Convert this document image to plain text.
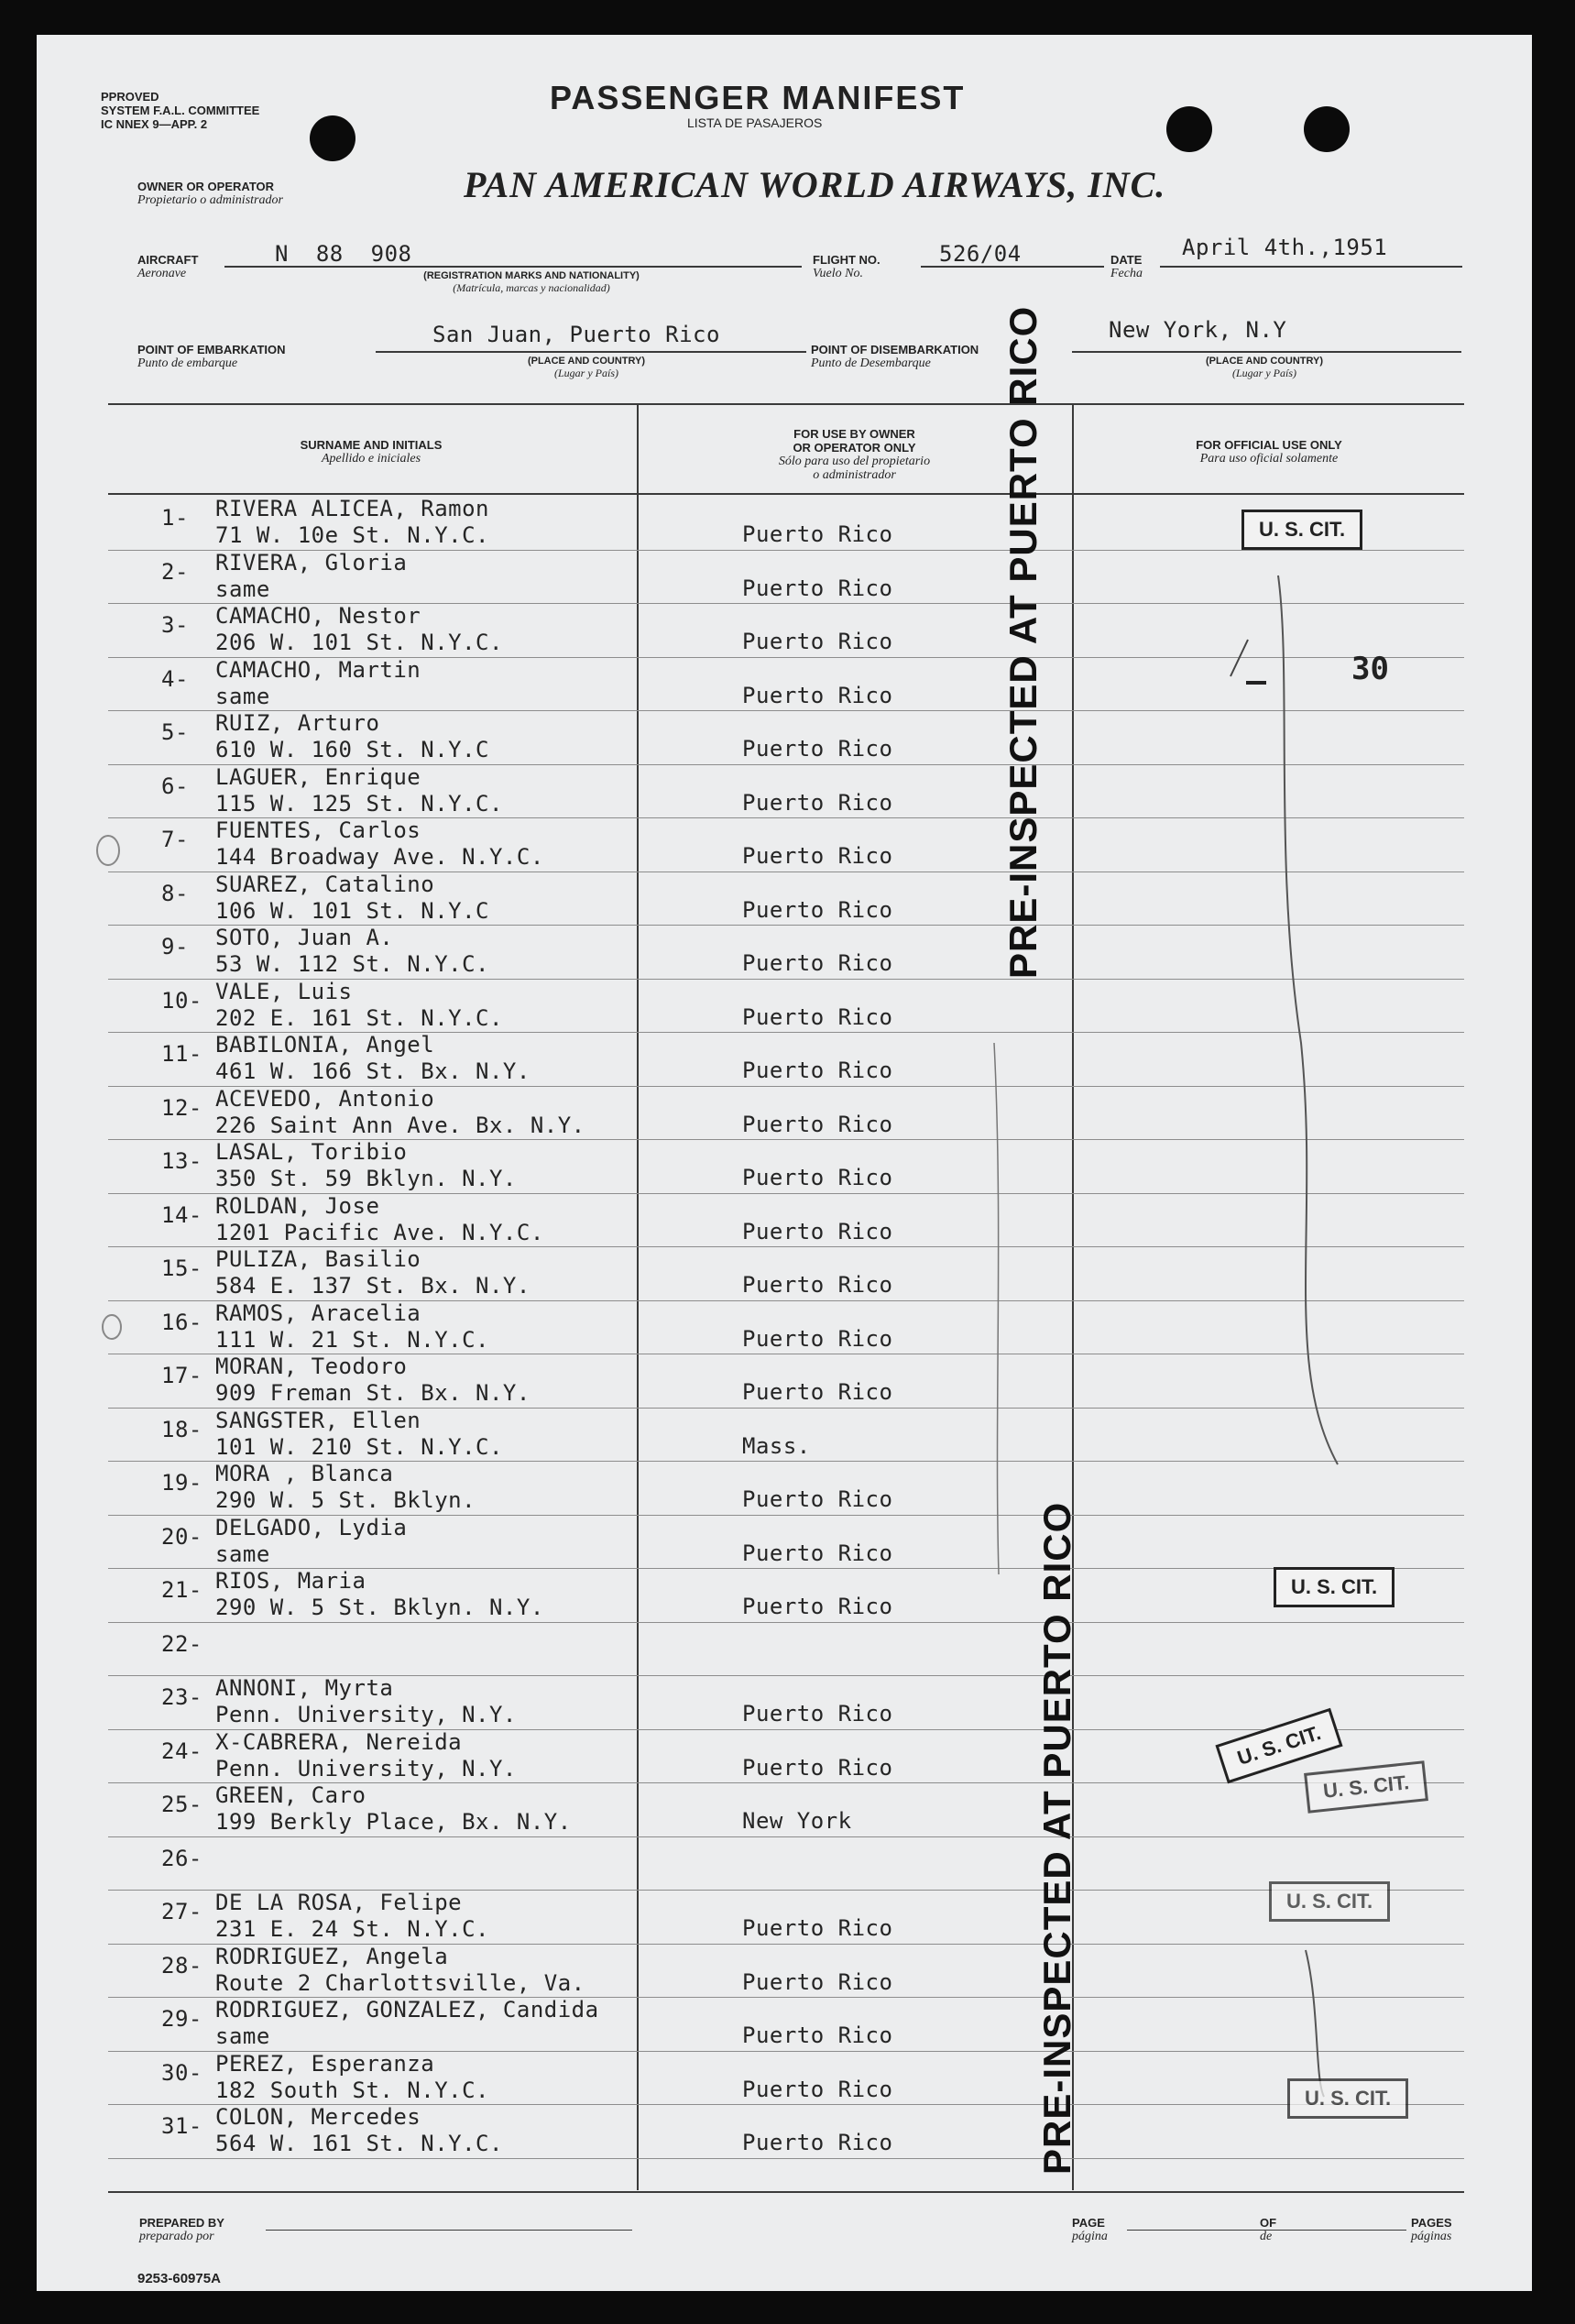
PPROVED
SYSTEM F.A.L. COMMITTEE
IC NNEX 9—APP. 2
PASSENGER MANIFEST
LISTA DE PASAJEROS
OWNER OR OPERATOR
Propietario o administrador	PAN AMERICAN WORLD AIRWAYS, INC.
AIRCRAFT
Aeronave
N  88  908
(REGISTRATION MARKS AND NATIONALITY)
(Matrícula, marcas y nacionalidad)
FLIGHT NO.
Vuelo No.
526/04	DATE
Fecha
April 4th.,1951
POINT OF EMBARKATION
Punto de embarque
San Juan, Puerto Rico
(PLACE AND COUNTRY)
(Lugar y País)
POINT OF DISEMBARKATION
Punto de Desembarque
New York, N.Y
(PLACE AND COUNTRY)
(Lugar y País)
SURNAME AND INITIALS
Apellido e iniciales
FOR USE BY OWNER
OR OPERATOR ONLY
Sólo para uso del propietario
o administrador
FOR OFFICIAL USE ONLY
Para uso oficial solamente
1-	RIVERA ALICEA, Ramon
71 W. 10e St. N.Y.C.	Puerto Rico
2-	RIVERA, Gloria
same	Puerto Rico
3-	CAMACHO, Nestor
206 W. 101 St. N.Y.C.	Puerto Rico
4-	CAMACHO, Martin
same	Puerto Rico
5-	RUIZ, Arturo
610 W. 160 St. N.Y.C	Puerto Rico
6-	LAGUER, Enrique
115 W. 125 St. N.Y.C.	Puerto Rico
7-	FUENTES, Carlos
144 Broadway Ave. N.Y.C.	Puerto Rico
8-	SUAREZ, Catalino
106 W. 101 St. N.Y.C	Puerto Rico
9-	SOTO, Juan A.
53 W. 112 St. N.Y.C.	Puerto Rico
10- VALE, Luis
202 E. 161 St. N.Y.C.	Puerto Rico
11- BABILONIA, Angel
461 W. 166 St. Bx. N.Y.	Puerto Rico
12- ACEVEDO, Antonio
226 Saint Ann Ave. Bx. N.Y.	Puerto Rico
13- LASAL, Toribio
350 St. 59 Bklyn. N.Y.	Puerto Rico
14- ROLDAN, Jose
1201 Pacific Ave. N.Y.C.	Puerto Rico
15- PULIZA, Basilio
584 E. 137 St. Bx. N.Y.	Puerto Rico
16- RAMOS, Aracelia
111 W. 21 St. N.Y.C.	Puerto Rico
17- MORAN, Teodoro
909 Freman St. Bx. N.Y.	Puerto Rico
18- SANGSTER, Ellen
101 W. 210 St. N.Y.C.	Mass.
19- MORA , Blanca
290 W. 5 St. Bklyn.	Puerto Rico
20- DELGADO, Lydia
same	Puerto Rico
21- RIOS, Maria
290 W. 5 St. Bklyn. N.Y.	Puerto Rico
22-
23- ANNONI, Myrta
Penn. University, N.Y.	Puerto Rico
24- X-CABRERA, Nereida
Penn. University, N.Y.	Puerto Rico
25- GREEN, Caro
199 Berkly Place, Bx. N.Y.	New York
26-
27- DE LA ROSA, Felipe
231 E. 24 St. N.Y.C.	Puerto Rico
28- RODRIGUEZ, Angela
Route 2 Charlottsville, Va.	Puerto Rico
29- RODRIGUEZ, GONZALEZ, Candida
same	Puerto Rico
30- PEREZ, Esperanza
182 South St. N.Y.C.	Puerto Rico
31- COLON, Mercedes
564 W. 161 St. N.Y.C.	Puerto Rico
PRE-INSPECTED AT PUERTO RICO
PRE-INSPECTED AT PUERTO RICO
30
U. S. CIT.
U. S. CIT.
U. S. CIT.
U. S. CIT.
U. S. CIT.
U. S. CIT.
PREPARED BY
preparado por
PAGE
página
OF
de
PAGES
páginas
9253-60975A
